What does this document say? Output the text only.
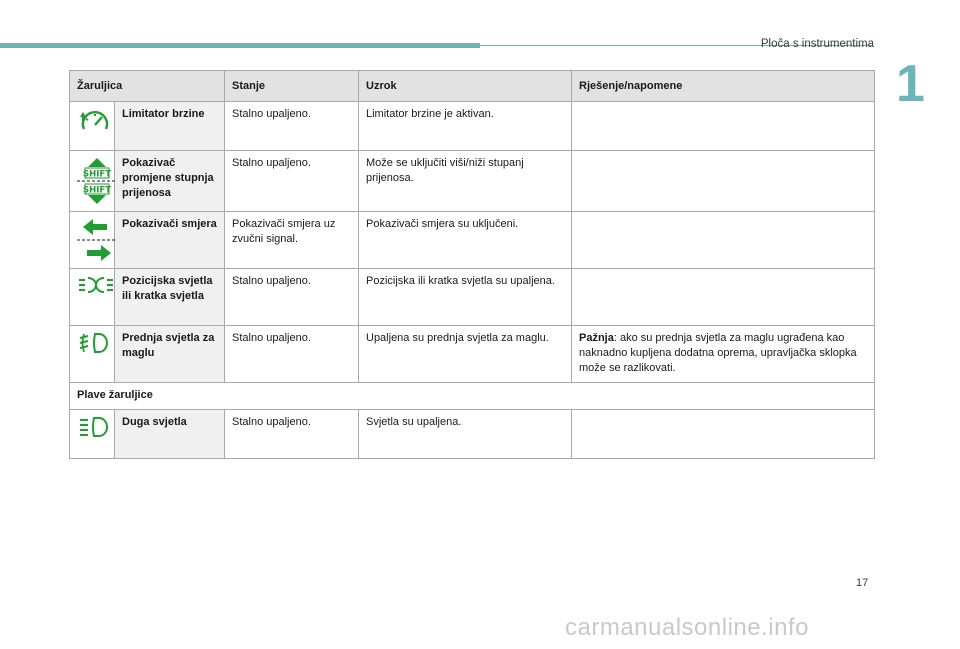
Ploča s instrumentima
1
Žaruljica		Stanje	Uzrok	Rješenje/napomene

	Limitator brzine	Stalno upaljeno.	Limitator brzine je aktivan.	

SHIFT
SHIFT	Pokazivač promjene stupnja prijenosa	Stalno upaljeno.	Može se uključiti viši/niži stupanj prijenosa.	

	Pokazivači smjera	Pokazivači smjera uz zvučni signal.	Pokazivači smjera su uključeni.	

	Pozicijska svjetla ili kratka svjetla	Stalno upaljeno.	Pozicijska ili kratka svjetla su upaljena.	

	Prednja svjetla za maglu	Stalno upaljeno.	Upaljena su prednja svjetla za maglu.	Pažnja: ako su prednja svjetla za maglu ugrađena kao naknadno kupljena dodatna oprema, upravljačka sklopka može se razlikovati.
Plave žaruljice				

	Duga svjetla	Stalno upaljeno.	Svjetla su upaljena.	
17
carmanualsonline.info
